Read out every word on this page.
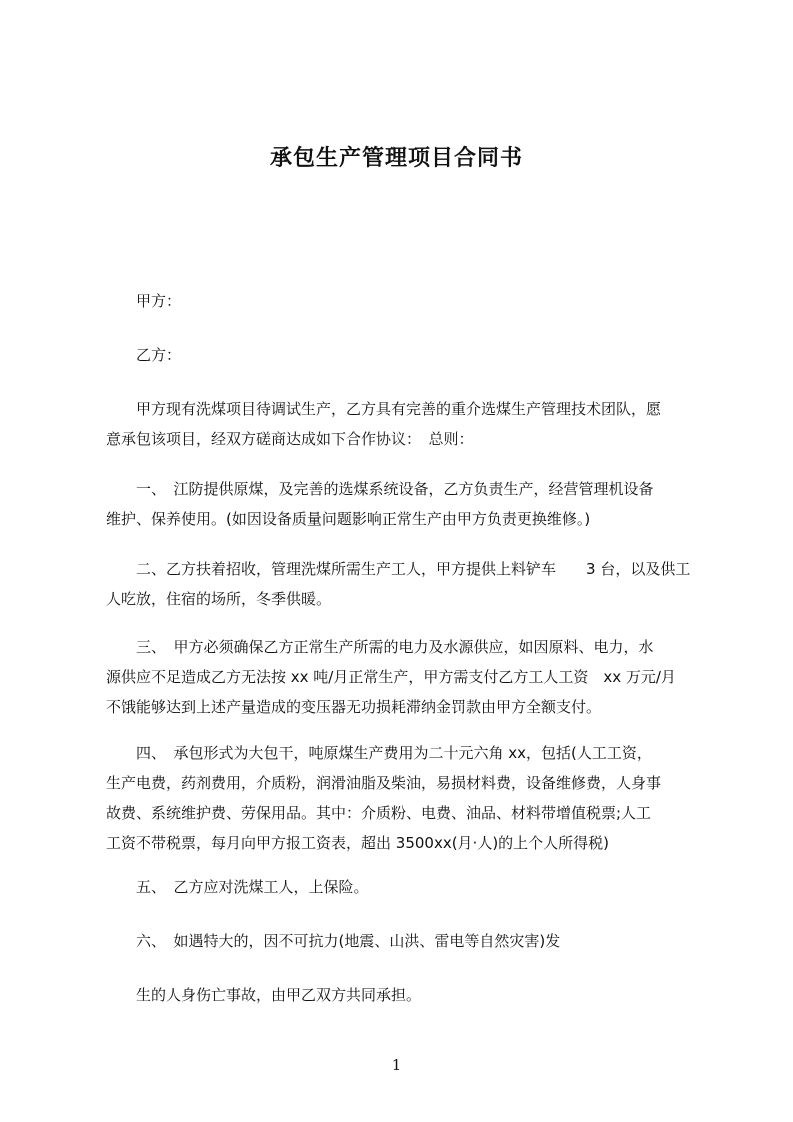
承包生产管理项目合同书

甲方：

乙方：

　　甲方现有洗煤项目待调试生产，乙方具有完善的重介选煤生产管理技术团队，愿
意承包该项目，经双方磋商达成如下合作协议：　总则：
　　一、　江防提供原煤，及完善的选煤系统设备，乙方负责生产，经营管理机设备
维护、保养使用。(如因设备质量问题影响正常生产由甲方负责更换维修。)
　　二、乙方扶着招收，管理洗煤所需生产工人，甲方提供上料铲车　　3 台，以及供工
人吃放，住宿的场所，冬季供暖。
　　三、　甲方必须确保乙方正常生产所需的电力及水源供应，如因原料、电力，水
源供应不足造成乙方无法按 xx 吨/月正常生产，甲方需支付乙方工人工资　xx 万元/月
不饿能够达到上述产量造成的变压器无功损耗滞纳金罚款由甲方全额支付。
　　四、　承包形式为大包干，吨原煤生产费用为二十元六角 xx，包括(人工工资，
生产电费，药剂费用，介质粉，润滑油脂及柴油，易损材料费，设备维修费，人身事
故费、系统维护费、劳保用品。其中：介质粉、电费、油品、材料带增值税票;人工
工资不带税票，每月向甲方报工资表，超出 3500xx(月·人)的上个人所得税)
　　五、　乙方应对洗煤工人，上保险。
　　六、　如遇特大的，因不可抗力(地震、山洪、雷电等自然灾害)发
　　生的人身伤亡事故，由甲乙双方共同承担。
1
